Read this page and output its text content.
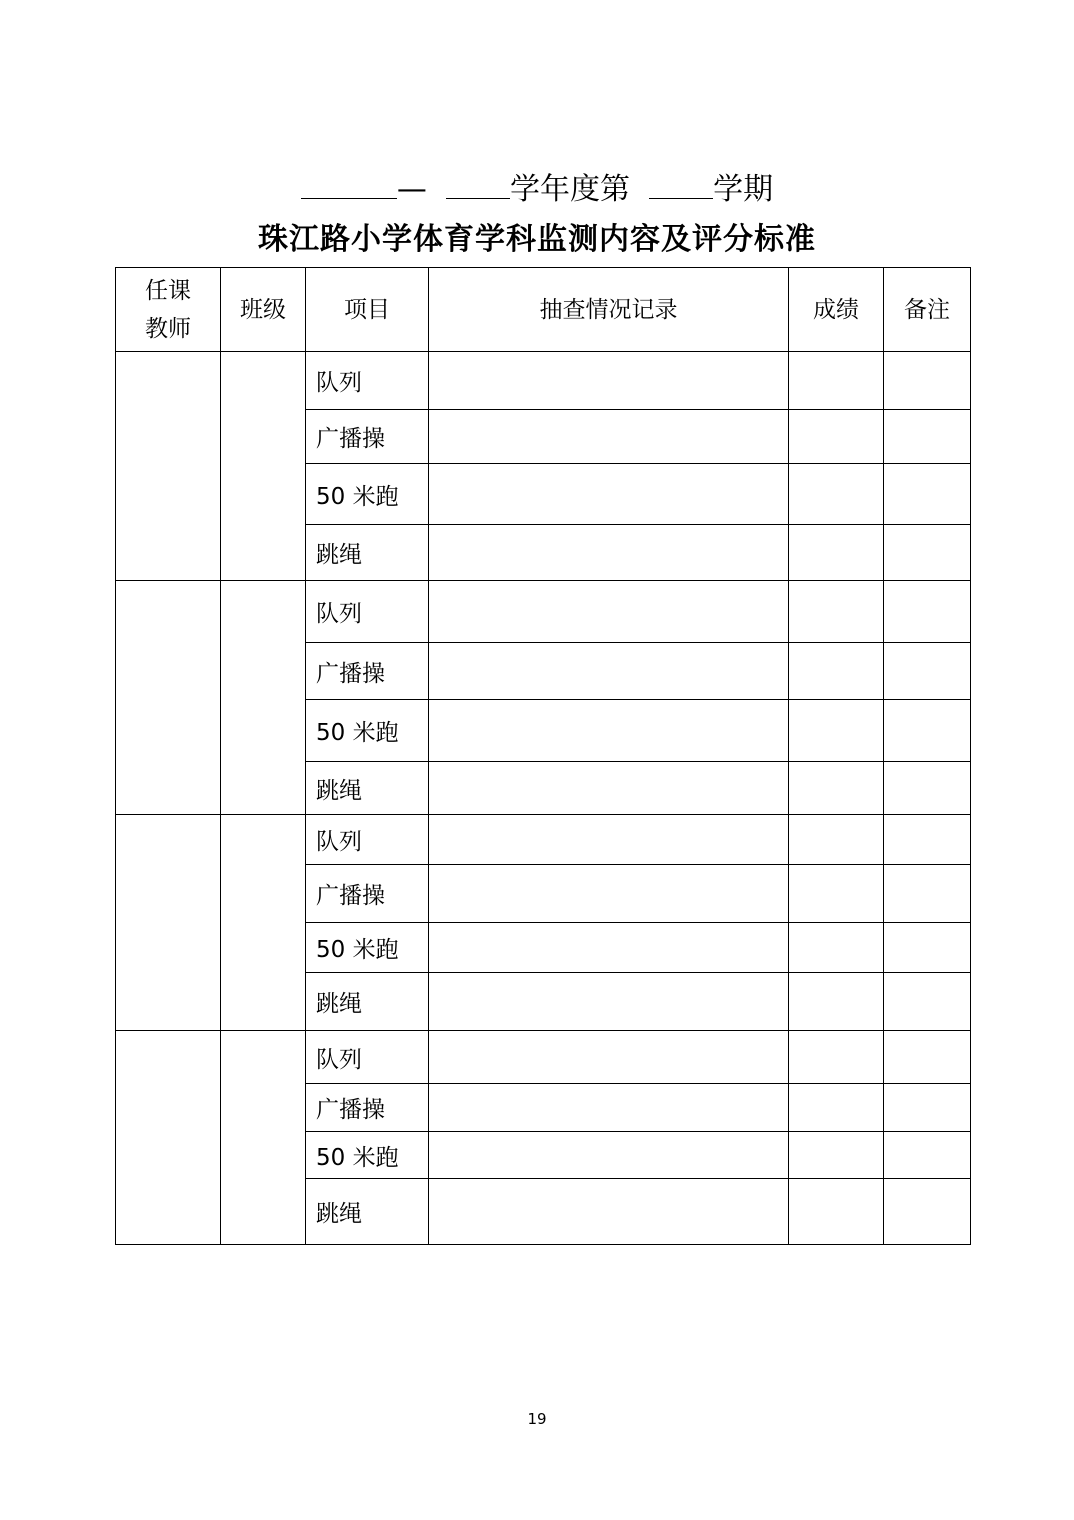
—	学年度第	学期
珠江路小学体育学科监测内容及评分标准
任课教师	班级	项目	抽查情况记录	成绩	备注
		队列			
		广播操			
		50 米跑			
		跳绳			
		队列			
		广播操			
		50 米跑			
		跳绳			
		队列			
		广播操			
		50 米跑			
		跳绳			
		队列			
		广播操			
		50 米跑			
		跳绳			
19
